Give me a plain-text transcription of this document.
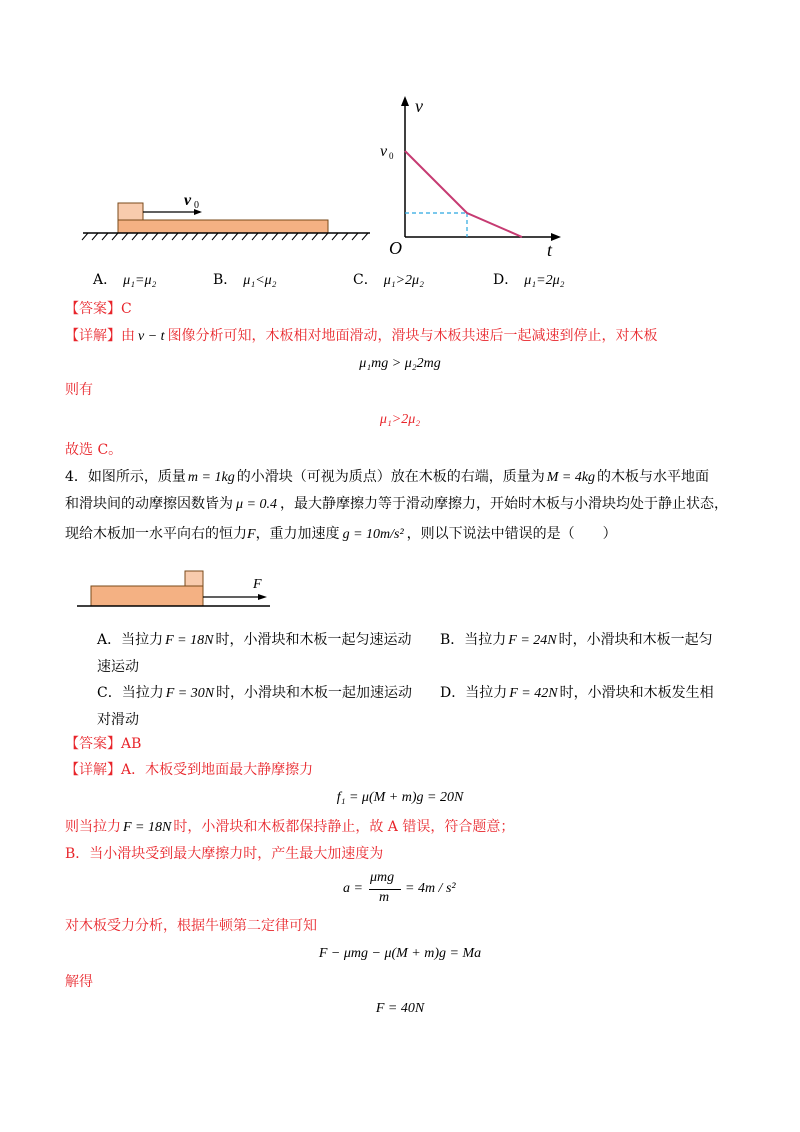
v 0
v
v 0
O	t
A． μ₁=μ₂	B． μ₁<μ₂	C． μ₁>2μ₂	D． μ₁=2μ₂
【答案】C
【详解】由 v − t 图像分析可知，木板相对地面滑动，滑块与木板共速后一起减速到停止，对木板
μ₁mg > μ₂2mg
则有
μ₁>2μ₂
故选 C。
4．如图所示，质量 m = 1kg 的小滑块（可视为质点）放在木板的右端，质量为 M = 4kg 的木板与水平地面
和滑块间的动摩擦因数皆为 μ = 0.4 ，最大静摩擦力等于滑动摩擦力，开始时木板与小滑块均处于静止状态，
现给木板加一水平向右的恒力F，重力加速度 g = 10m/s² ，则以下说法中错误的是（　　）
F
A．当拉力 F = 18N 时，小滑块和木板一起匀速运动 B．当拉力 F = 24N 时，小滑块和木板一起匀
速运动
C．当拉力 F = 30N 时，小滑块和木板一起加速运动 D．当拉力 F = 42N 时，小滑块和木板发生相
对滑动
【答案】AB
【详解】A．木板受到地面最大静摩擦力
f₁ = μ(M + m)g = 20N
则当拉力 F = 18N 时，小滑块和木板都保持静止，故 A 错误，符合题意；
B．当小滑块受到最大摩擦力时，产生最大加速度为
a =
μmg
m
= 4m / s²
对木板受力分析，根据牛顿第二定律可知
F − μmg − μ(M + m)g = Ma
解得
F = 40N
